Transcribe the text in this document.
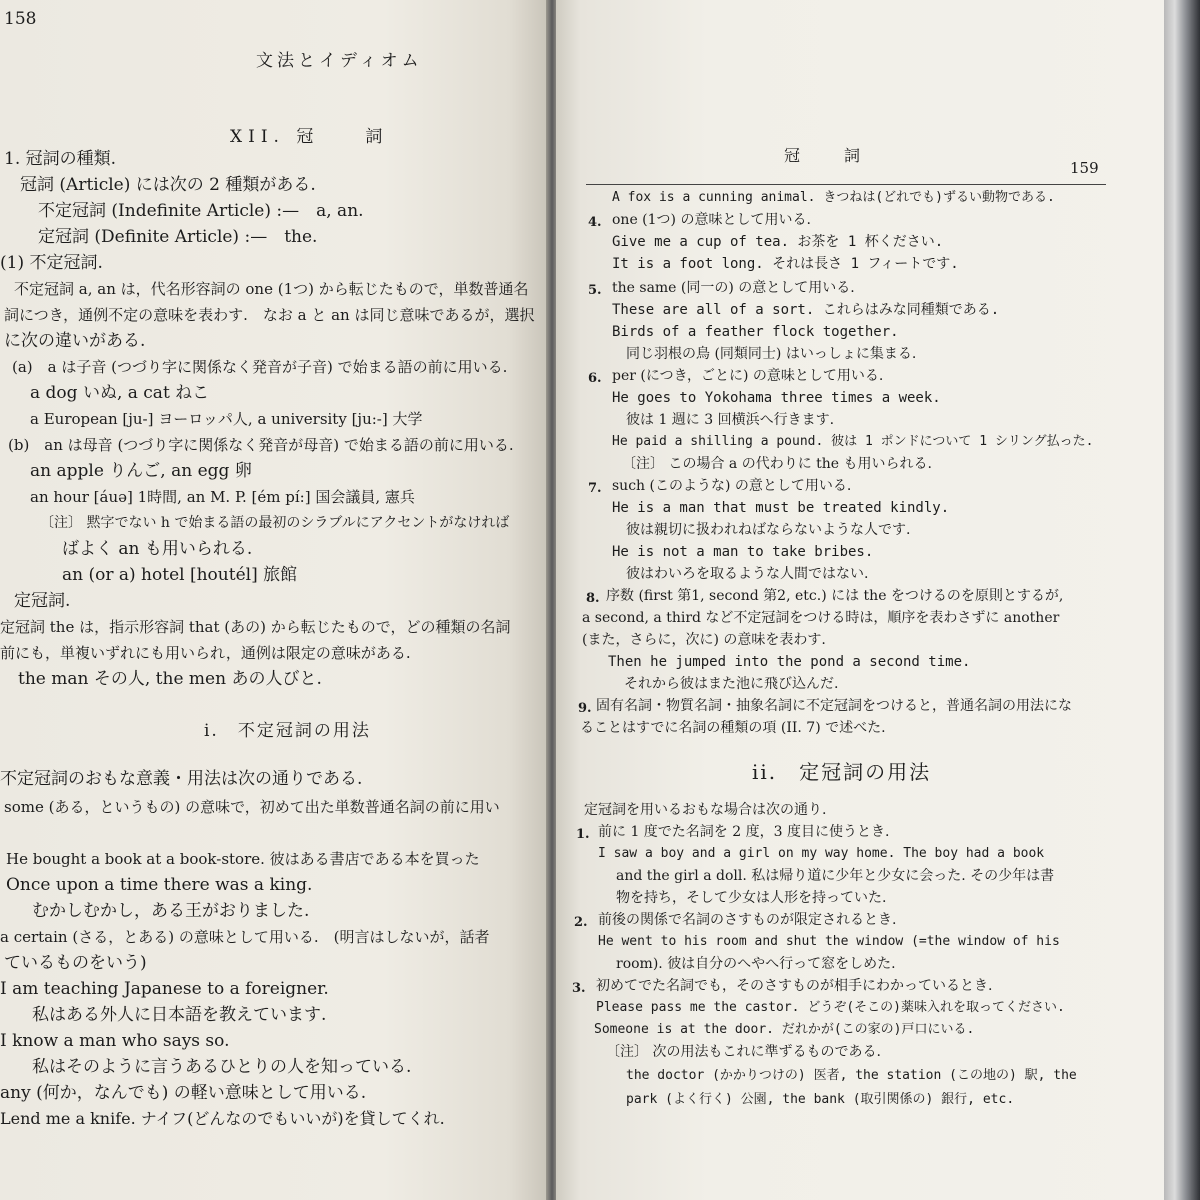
158
文法とイディオム
XII. 冠　　詞
1. 冠詞の種類.
冠詞 (Article) には次の 2 種類がある.
不定冠詞 (Indefinite Article) :—　a, an.
定冠詞 (Definite Article) :—　the.
(1) 不定冠詞.
不定冠詞 a, an は，代名形容詞の one (1つ) から転じたもので，単数普通名
詞につき，通例不定の意味を表わす.　なお a と an は同じ意味であるが，選択
に次の違いがある.
(a)　a は子音 (つづり字に関係なく発音が子音) で始まる語の前に用いる.
a dog いぬ, a cat ねこ
a European [ju-] ヨーロッパ人, a university [ju:-] 大学
(b)　an は母音 (つづり字に関係なく発音が母音) で始まる語の前に用いる.
an apple りんご, an egg 卵
an hour [áuə] 1時間, an M. P. [ém pí:] 国会議員, 憲兵
〔注〕 黙字でない h で始まる語の最初のシラブルにアクセントがなければ
ばよく an も用いられる.
an (or a) hotel [houtél] 旅館
定冠詞.
定冠詞 the は，指示形容詞 that (あの) から転じたもので，どの種類の名詞
前にも，単複いずれにも用いられ，通例は限定の意味がある.
the man その人, the men あの人びと.
i.　不定冠詞の用法
不定冠詞のおもな意義・用法は次の通りである.
some (ある，というもの) の意味で，初めて出た単数普通名詞の前に用い
He bought a book at a book-store. 彼はある書店である本を買った
Once upon a time there was a king.
むかしむかし，ある王がおりました.
a certain (さる，とある) の意味として用いる.　(明言はしないが，話者
ているものをいう)
I am teaching Japanese to a foreigner.
私はある外人に日本語を教えています.
I know a man who says so.
私はそのように言うあるひとりの人を知っている.
any (何か，なんでも) の軽い意味として用いる.
Lend me a knife. ナイフ(どんなのでもいいが)を貸してくれ.
冠　　詞
159
A fox is a cunning animal. きつねは(どれでも)ずるい動物である.
4. one (1つ) の意味として用いる.
Give me a cup of tea. お茶を 1 杯ください.
It is a foot long. それは長さ 1 フィートです.
5. the same (同一の) の意として用いる.
These are all of a sort. これらはみな同種類である.
Birds of a feather flock together.
同じ羽根の鳥 (同類同士) はいっしょに集まる.
6. per (につき，ごとに) の意味として用いる.
He goes to Yokohama three times a week.
彼は 1 週に 3 回横浜へ行きます.
He paid a shilling a pound. 彼は 1 ポンドについて 1 シリング払った.
〔注〕 この場合 a の代わりに the も用いられる.
7. such (このような) の意として用いる.
He is a man that must be treated kindly.
彼は親切に扱われねばならないような人です.
He is not a man to take bribes.
彼はわいろを取るような人間ではない.
8. 序数 (first 第1, second 第2, etc.) には the をつけるのを原則とするが,
a second, a third など不定冠詞をつける時は，順序を表わさずに another
(また，さらに，次に) の意味を表わす.
Then he jumped into the pond a second time.
それから彼はまた池に飛び込んだ.
9. 固有名詞・物質名詞・抽象名詞に不定冠詞をつけると，普通名詞の用法にな
ることはすでに名詞の種類の項 (II. 7) で述べた.
ii.　定冠詞の用法
定冠詞を用いるおもな場合は次の通り.
1. 前に 1 度でた名詞を 2 度，3 度目に使うとき.
I saw a boy and a girl on my way home. The boy had a book
and the girl a doll. 私は帰り道に少年と少女に会った. その少年は書
物を持ち，そして少女は人形を持っていた.
2. 前後の関係で名詞のさすものが限定されるとき.
He went to his room and shut the window (=the window of his
room). 彼は自分のへやへ行って窓をしめた.
3. 初めてでた名詞でも，そのさすものが相手にわかっているとき.
Please pass me the castor. どうぞ(そこの)薬味入れを取ってください.
Someone is at the door. だれかが(この家の)戸口にいる.
〔注〕 次の用法もこれに準ずるものである.
the doctor (かかりつけの) 医者, the station (この地の) 駅, the
park (よく行く) 公園, the bank (取引関係の) 銀行, etc.
